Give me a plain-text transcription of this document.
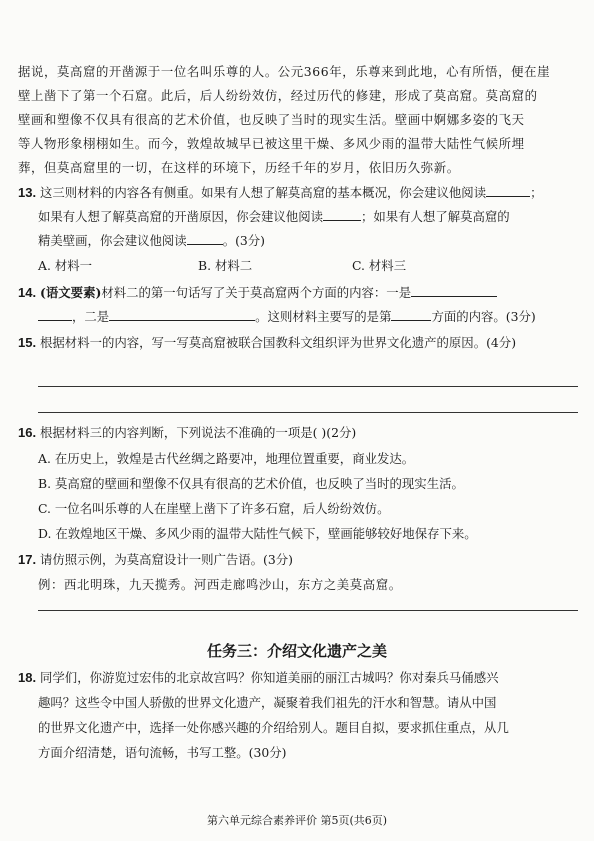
据说，莫高窟的开凿源于一位名叫乐尊的人。公元366年，乐尊来到此地，心有所悟，便在崖
壁上凿下了第一个石窟。此后，后人纷纷效仿，经过历代的修建，形成了莫高窟。莫高窟的
壁画和塑像不仅具有很高的艺术价值，也反映了当时的现实生活。壁画中婀娜多姿的飞天
等人物形象栩栩如生。而今，敦煌故城早已被这里干燥、多风少雨的温带大陆性气候所埋
葬，但莫高窟里的一切，在这样的环境下，历经千年的岁月，依旧历久弥新。
13. 这三则材料的内容各有侧重。如果有人想了解莫高窟的基本概况，你会建议他阅读	；
如果有人想了解莫高窟的开凿原因，你会建议他阅读	；如果有人想了解莫高窟的
精美壁画，你会建议他阅读	。(3分)
A. 材料一	B. 材料二	C. 材料三
14. (语文要素)材料二的第一句话写了关于莫高窟两个方面的内容：一是
，二是	。这则材料主要写的是第	方面的内容。(3分)
15. 根据材料一的内容，写一写莫高窟被联合国教科文组织评为世界文化遗产的原因。(4分)
16. 根据材料三的内容判断，下列说法不准确的一项是( )(2分)
A. 在历史上，敦煌是古代丝绸之路要冲，地理位置重要，商业发达。
B. 莫高窟的壁画和塑像不仅具有很高的艺术价值，也反映了当时的现实生活。
C. 一位名叫乐尊的人在崖壁上凿下了许多石窟，后人纷纷效仿。
D. 在敦煌地区干燥、多风少雨的温带大陆性气候下，壁画能够较好地保存下来。
17. 请仿照示例，为莫高窟设计一则广告语。(3分)
例：西北明珠，九天揽秀。河西走廊鸣沙山，东方之美莫高窟。
任务三：介绍文化遗产之美
18. 同学们，你游览过宏伟的北京故宫吗？你知道美丽的丽江古城吗？你对秦兵马俑感兴
趣吗？这些令中国人骄傲的世界文化遗产，凝聚着我们祖先的汗水和智慧。请从中国
的世界文化遗产中，选择一处你感兴趣的介绍给别人。题目自拟，要求抓住重点，从几
方面介绍清楚，语句流畅，书写工整。(30分)
第六单元综合素养评价 第5页(共6页)
